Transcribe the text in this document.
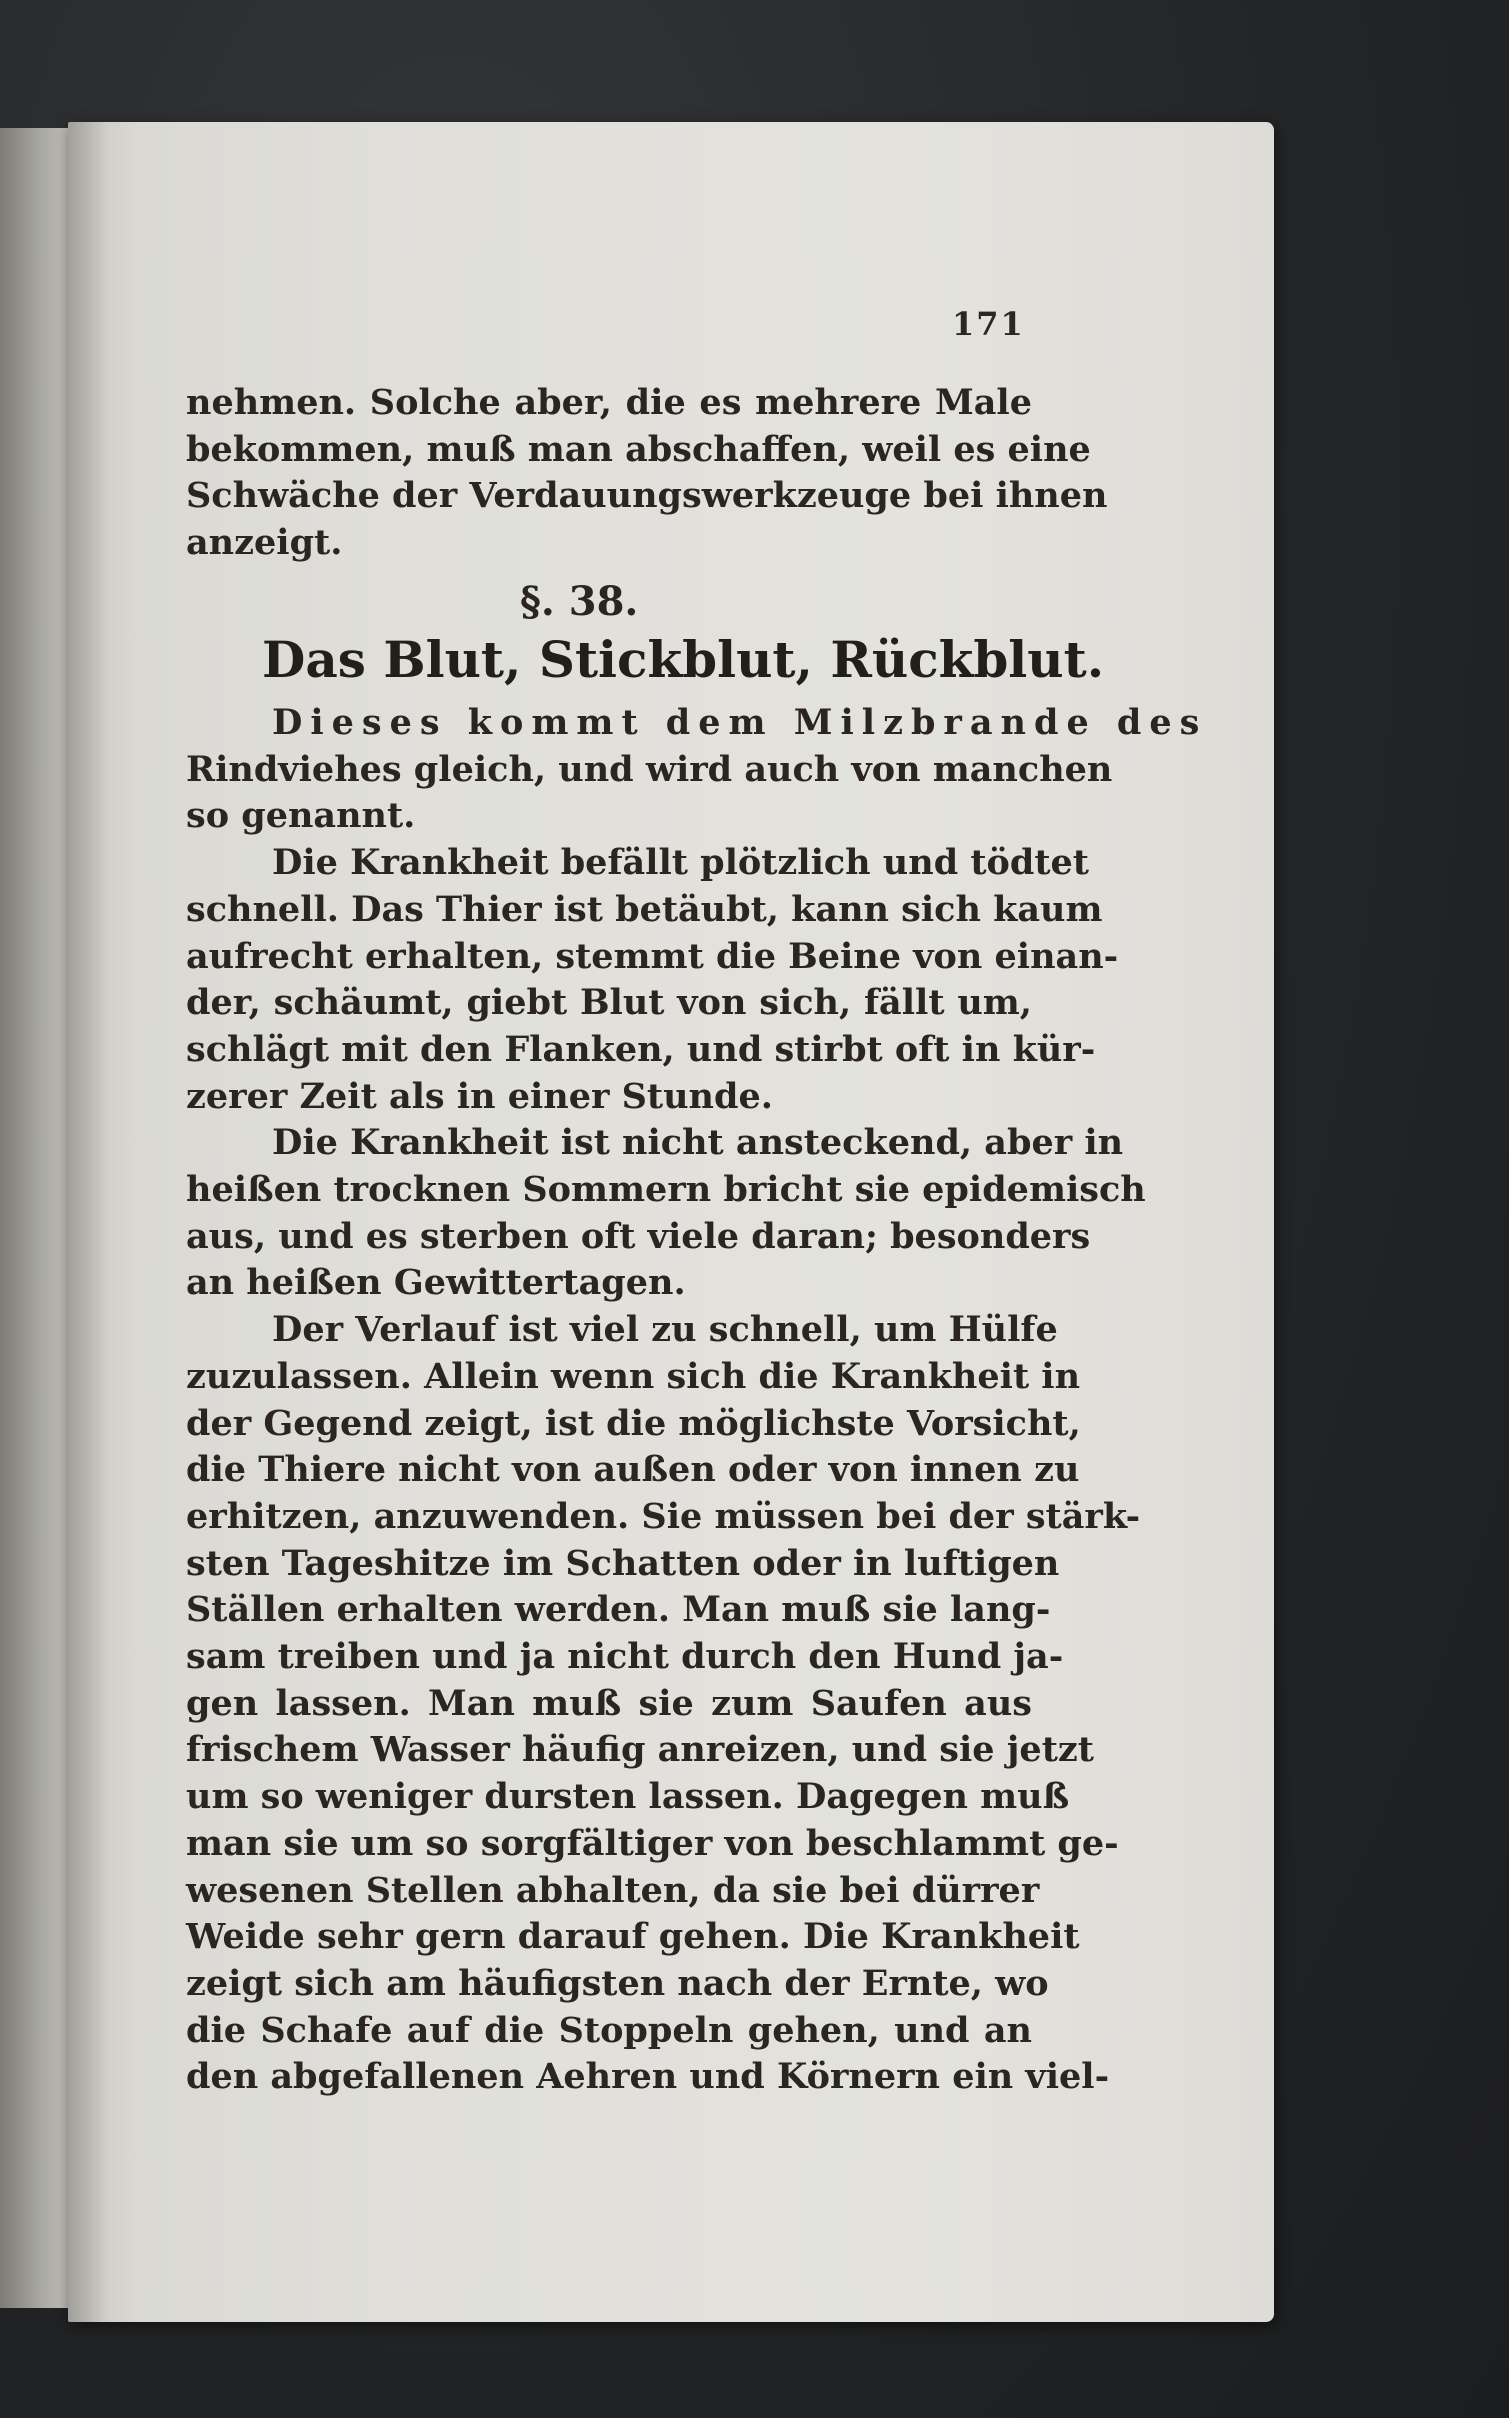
171
nehmen. Solche aber, die es mehrere Male
bekommen, muß man abschaffen, weil es eine
Schwäche der Verdauungswerkzeuge bei ihnen
anzeigt.
§. 38.
Das Blut, Stickblut, Rückblut.
Dieses kommt dem Milzbrande des
Rindviehes gleich, und wird auch von manchen
so genannt.
Die Krankheit befällt plötzlich und tödtet
schnell. Das Thier ist betäubt, kann sich kaum
aufrecht erhalten, stemmt die Beine von einan-
der, schäumt, giebt Blut von sich, fällt um,
schlägt mit den Flanken, und stirbt oft in kür-
zerer Zeit als in einer Stunde.
Die Krankheit ist nicht ansteckend, aber in
heißen trocknen Sommern bricht sie epidemisch
aus, und es sterben oft viele daran; besonders
an heißen Gewittertagen.
Der Verlauf ist viel zu schnell, um Hülfe
zuzulassen. Allein wenn sich die Krankheit in
der Gegend zeigt, ist die möglichste Vorsicht,
die Thiere nicht von außen oder von innen zu
erhitzen, anzuwenden. Sie müssen bei der stärk-
sten Tageshitze im Schatten oder in luftigen
Ställen erhalten werden. Man muß sie lang-
sam treiben und ja nicht durch den Hund ja-
gen lassen. Man muß sie zum Saufen aus
frischem Wasser häufig anreizen, und sie jetzt
um so weniger dursten lassen. Dagegen muß
man sie um so sorgfältiger von beschlammt ge-
wesenen Stellen abhalten, da sie bei dürrer
Weide sehr gern darauf gehen. Die Krankheit
zeigt sich am häufigsten nach der Ernte, wo
die Schafe auf die Stoppeln gehen, und an
den abgefallenen Aehren und Körnern ein viel-
